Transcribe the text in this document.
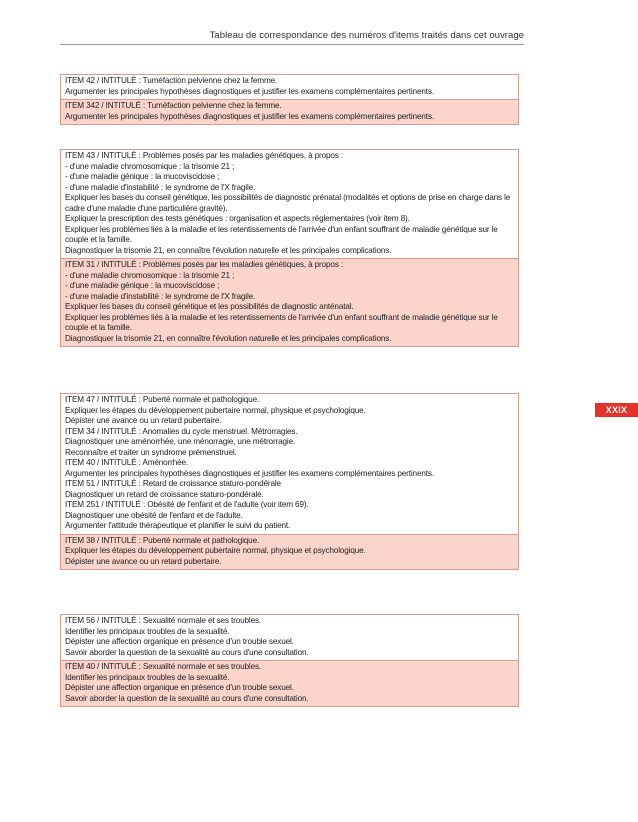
Tableau de correspondance des numéros d'items traités dans cet ouvrage
ITEM 42 / INTITULÉ : Tuméfaction pelvienne chez la femme.
Argumenter les principales hypothèses diagnostiques et justifier les examens complémentaires pertinents.
ITEM 342 / INTITULÉ : Tuméfaction pelvienne chez la femme.
Argumenter les principales hypothèses diagnostiques et justifier les examens complémentaires pertinents.
ITEM 43 / INTITULÉ : Problèmes posés par les maladies génétiques, à propos :
- d'une maladie chromosomique : la trisomie 21 ;
- d'une maladie génique : la mucoviscidose ;
- d'une maladie d'instabilité : le syndrome de l'X fragile.
Expliquer les bases du conseil génétique, les possibilités de diagnostic prénatal (modalités et options de prise en charge dans le cadre d'une maladie d'une particulière gravité).
Expliquer la prescription des tests génétiques : organisation et aspects réglementaires (voir item 8).
Expliquer les problèmes liés à la maladie et les retentissements de l'arrivée d'un enfant souffrant de maladie génétique sur le couple et la famille.
Diagnostiquer la trisomie 21, en connaître l'évolution naturelle et les principales complications.
ITEM 31 / INTITULÉ : Problèmes posés par les maladies génétiques, à propos :
- d'une maladie chromosomique : la trisomie 21 ;
- d'une maladie génique : la mucoviscidose ;
- d'une maladie d'instabilité : le syndrome de l'X fragile.
Expliquer les bases du conseil génétique et les possibilités de diagnostic anténatal.
Expliquer les problèmes liés à la maladie et les retentissements de l'arrivée d'un enfant souffrant de maladie génétique sur le couple et la famille.
Diagnostiquer la trisomie 21, en connaître l'évolution naturelle et les principales complications.
ITEM 47 / INTITULÉ : Puberté normale et pathologique.
Expliquer les étapes du développement pubertaire normal, physique et psychologique.
Dépister une avance ou un retard pubertaire.
ITEM 34 / INTITULÉ : Anomalies du cycle menstruel. Métrorragies.
Diagnostiquer une aménorrhée, une ménorragie, une métrorragie.
Reconnaître et traiter un syndrome prémenstruel.
ITEM 40 / INTITULÉ : Aménorrhée.
Argumenter les principales hypothèses diagnostiques et justifier les examens complémentaires pertinents.
ITEM 51 / INTITULÉ : Retard de croissance staturo-pondérale
Diagnostiquer un retard de croissance staturo-pondérale.
ITEM 251 / INTITULÉ : Obésité de l'enfant et de l'adulte (voir item 69).
Diagnostiquer une obésité de l'enfant et de l'adulte.
Argumenter l'attitude thérapeutique et planifier le suivi du patient.
ITEM 38 / INTITULÉ : Puberté normale et pathologique.
Expliquer les étapes du développement pubertaire normal, physique et psychologique.
Dépister une avance ou un retard pubertaire.
ITEM 56 / INTITULÉ : Sexualité normale et ses troubles.
Identifier les principaux troubles de la sexualité.
Dépister une affection organique en présence d'un trouble sexuel.
Savoir aborder la question de la sexualité au cours d'une consultation.
ITEM 40 / INTITULÉ : Sexualité normale et ses troubles.
Identifier les principaux troubles de la sexualité.
Dépister une affection organique en présence d'un trouble sexuel.
Savoir aborder la question de la sexualité au cours d'une consultation.
XXIX
